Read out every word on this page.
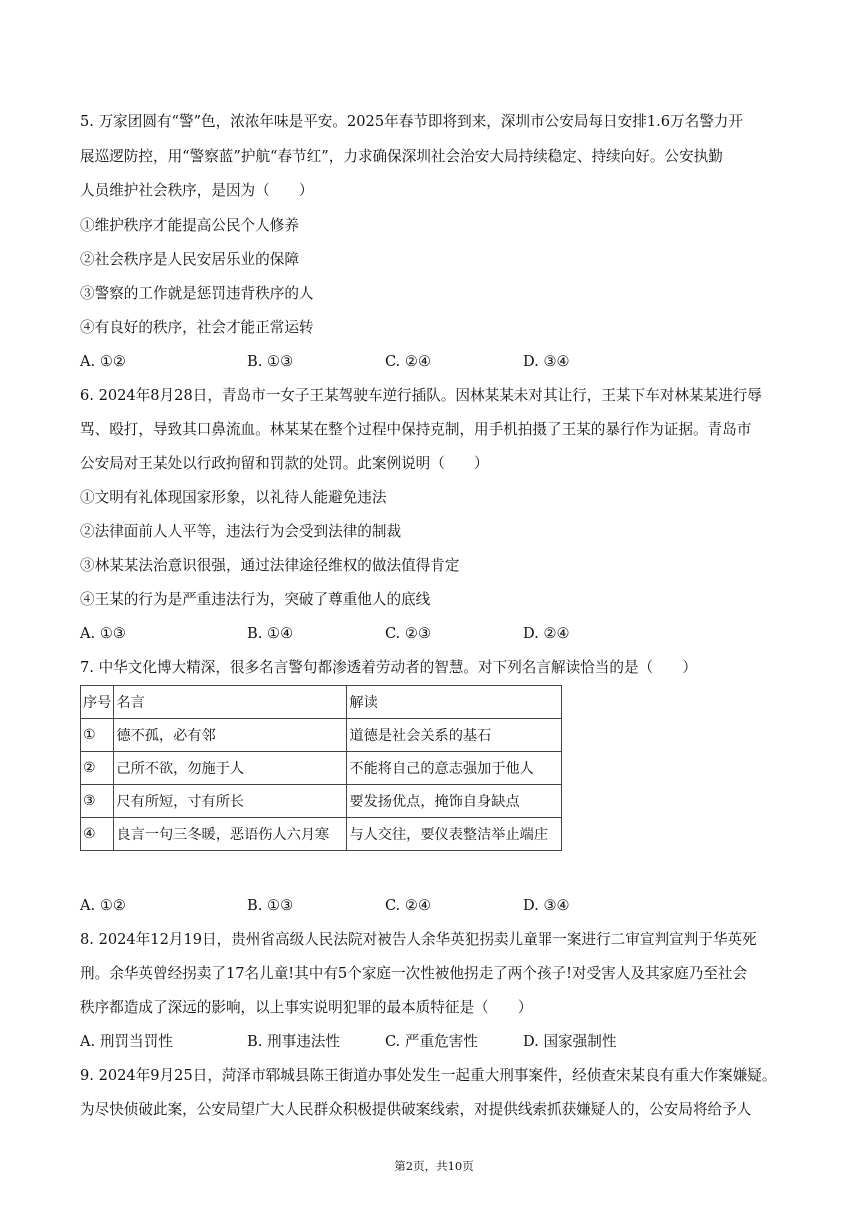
5. 万家团圆有“警”色，浓浓年味是平安。2025年春节即将到来，深圳市公安局每日安排1.6万名警力开
展巡逻防控，用“警察蓝”护航“春节红”，力求确保深圳社会治安大局持续稳定、持续向好。公安执勤
人员维护社会秩序，是因为（　　）
①维护秩序才能提高公民个人修养
②社会秩序是人民安居乐业的保障
③警察的工作就是惩罚违背秩序的人
④有良好的秩序，社会才能正常运转
A. ①②	B. ①③	C. ②④	D. ③④
6. 2024年8月28日，青岛市一女子王某驾驶车逆行插队。因林某某未对其让行，王某下车对林某某进行辱
骂、殴打，导致其口鼻流血。林某某在整个过程中保持克制，用手机拍摄了王某的暴行作为证据。青岛市
公安局对王某处以行政拘留和罚款的处罚。此案例说明（　　）
①文明有礼体现国家形象，以礼待人能避免违法
②法律面前人人平等，违法行为会受到法律的制裁
③林某某法治意识很强，通过法律途径维权的做法值得肯定
④王某的行为是严重违法行为，突破了尊重他人的底线
A. ①③	B. ①④	C. ②③	D. ②④
7. 中华文化博大精深，很多名言警句都渗透着劳动者的智慧。对下列名言解读恰当的是（　　）
序号	名言	解读
①	德不孤，必有邻	道德是社会关系的基石
②	己所不欲，勿施于人	不能将自己的意志强加于他人
③	尺有所短，寸有所长	要发扬优点，掩饰自身缺点
④	良言一句三冬暖，恶语伤人六月寒	与人交往，要仪表整洁举止端庄
A. ①②	B. ①③	C. ②④	D. ③④
8. 2024年12月19日，贵州省高级人民法院对被告人余华英犯拐卖儿童罪一案进行二审宣判宣判于华英死
刑。余华英曾经拐卖了17名儿童!其中有5个家庭一次性被他拐走了两个孩子!对受害人及其家庭乃至社会
秩序都造成了深远的影响，以上事实说明犯罪的最本质特征是（　　）
A. 刑罚当罚性	B. 刑事违法性	C. 严重危害性	D. 国家强制性
9. 2024年9月25日，菏泽市郓城县陈王街道办事处发生一起重大刑事案件，经侦查宋某良有重大作案嫌疑。
为尽快侦破此案，公安局望广大人民群众积极提供破案线索，对提供线索抓获嫌疑人的，公安局将给予人
第2页，共10页
